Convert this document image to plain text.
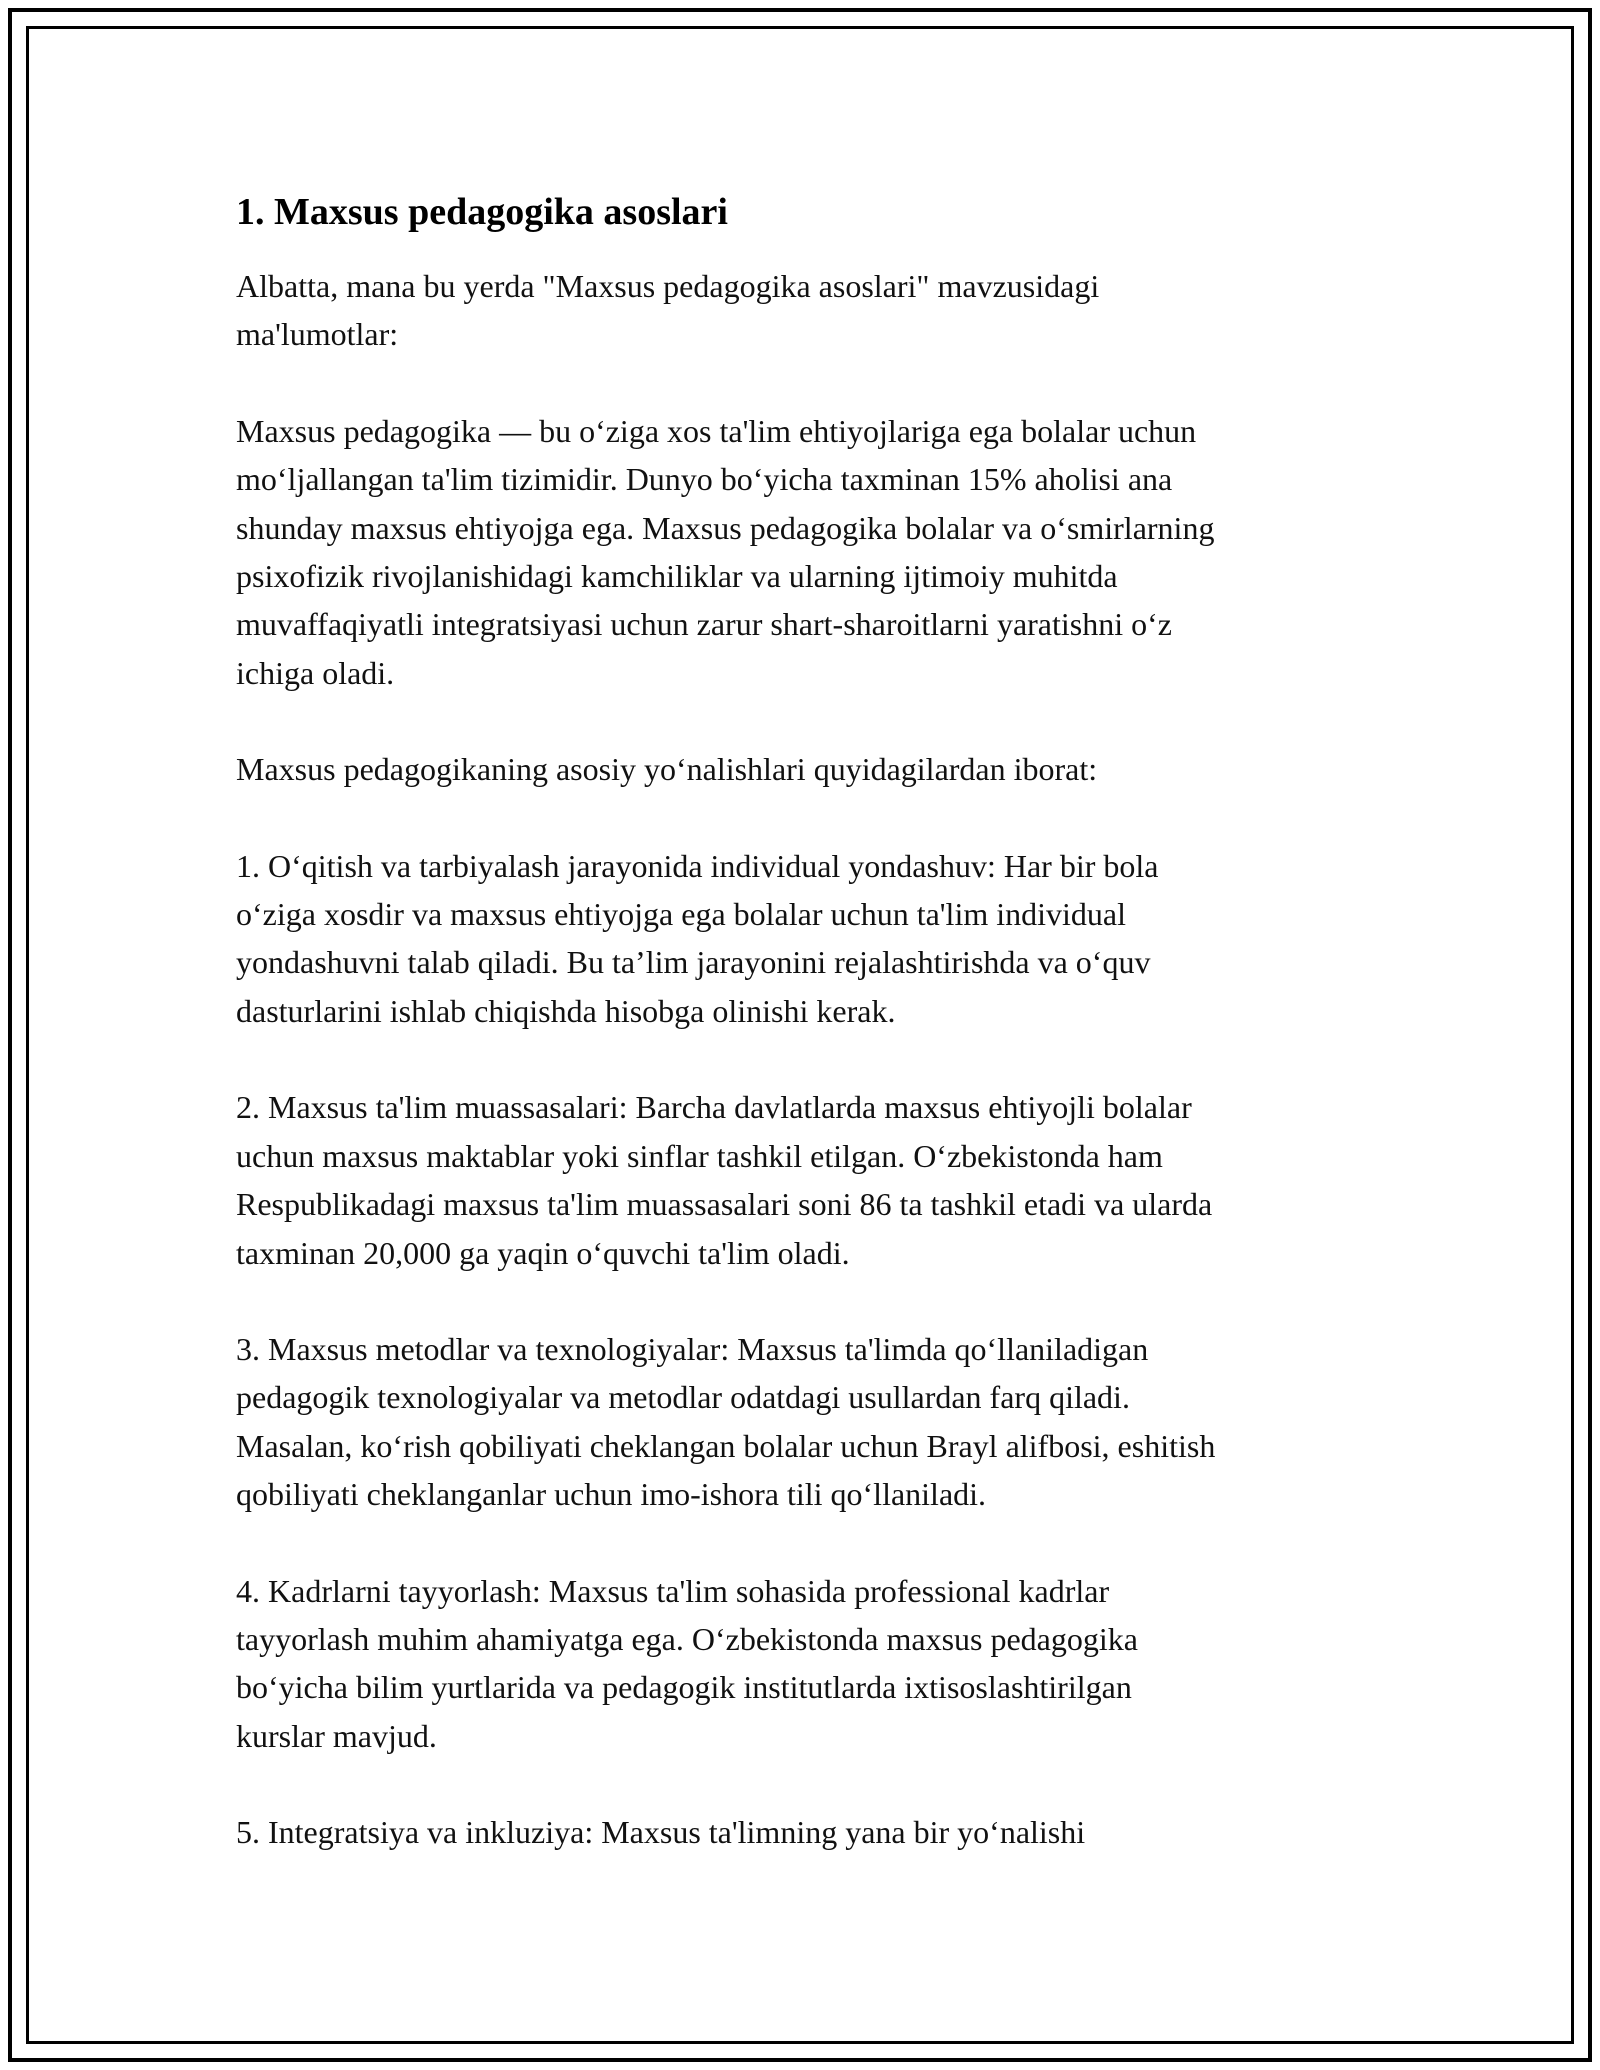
1. Maxsus pedagogika asoslari

Albatta, mana bu yerda "Maxsus pedagogika asoslari" mavzusidagi
ma'lumotlar:

Maxsus pedagogika — bu o‘ziga xos ta'lim ehtiyojlariga ega bolalar uchun
mo‘ljallangan ta'lim tizimidir. Dunyo bo‘yicha taxminan 15% aholisi ana
shunday maxsus ehtiyojga ega. Maxsus pedagogika bolalar va o‘smirlarning
psixofizik rivojlanishidagi kamchiliklar va ularning ijtimoiy muhitda
muvaffaqiyatli integratsiyasi uchun zarur shart-sharoitlarni yaratishni o‘z
ichiga oladi.

Maxsus pedagogikaning asosiy yo‘nalishlari quyidagilardan iborat:

1. O‘qitish va tarbiyalash jarayonida individual yondashuv: Har bir bola
o‘ziga xosdir va maxsus ehtiyojga ega bolalar uchun ta'lim individual
yondashuvni talab qiladi. Bu ta’lim jarayonini rejalashtirishda va o‘quv
dasturlarini ishlab chiqishda hisobga olinishi kerak.

2. Maxsus ta'lim muassasalari: Barcha davlatlarda maxsus ehtiyojli bolalar
uchun maxsus maktablar yoki sinflar tashkil etilgan. O‘zbekistonda ham
Respublikadagi maxsus ta'lim muassasalari soni 86 ta tashkil etadi va ularda
taxminan 20,000 ga yaqin o‘quvchi ta'lim oladi.

3. Maxsus metodlar va texnologiyalar: Maxsus ta'limda qo‘llaniladigan
pedagogik texnologiyalar va metodlar odatdagi usullardan farq qiladi.
Masalan, ko‘rish qobiliyati cheklangan bolalar uchun Brayl alifbosi, eshitish
qobiliyati cheklanganlar uchun imo-ishora tili qo‘llaniladi.

4. Kadrlarni tayyorlash: Maxsus ta'lim sohasida professional kadrlar
tayyorlash muhim ahamiyatga ega. O‘zbekistonda maxsus pedagogika
bo‘yicha bilim yurtlarida va pedagogik institutlarda ixtisoslashtirilgan
kurslar mavjud.

5. Integratsiya va inkluziya: Maxsus ta'limning yana bir yo‘nalishi
